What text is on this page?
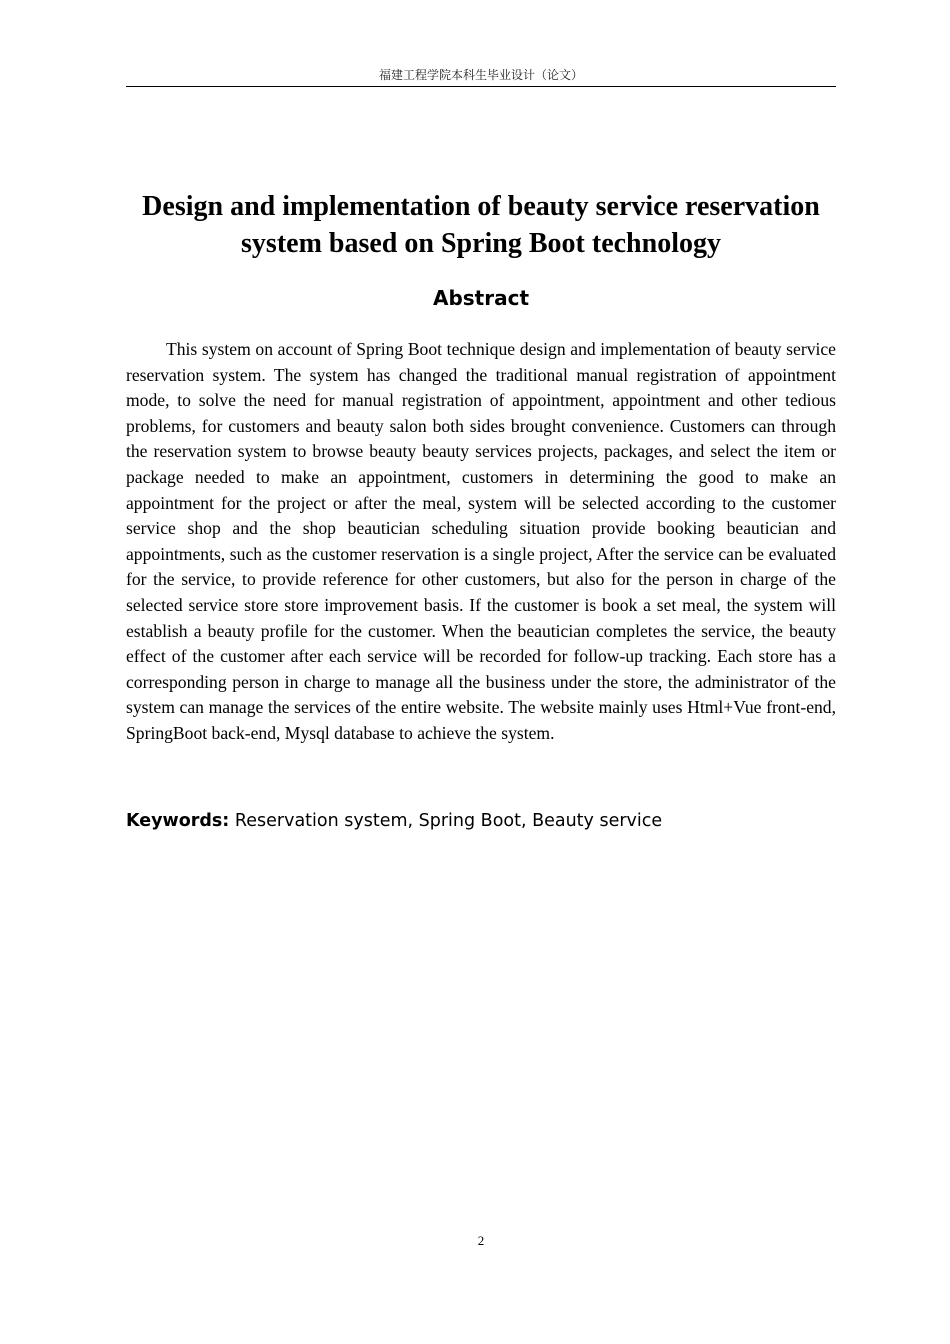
福建工程学院本科生毕业设计（论文）
Design and implementation of beauty service reservation system based on Spring Boot technology
Abstract

This system on account of Spring Boot technique design and implementation of beauty service reservation system. The system has changed the traditional manual registration of appointment mode, to solve the need for manual registration of appointment, appointment and other tedious problems, for customers and beauty salon both sides brought convenience. Customers can through the reservation system to browse beauty beauty services projects, packages, and select the item or package needed to make an appointment, customers in determining the good to make an appointment for the project or after the meal, system will be selected according to the customer service shop and the shop beautician scheduling situation provide booking beautician and appointments, such as the customer reservation is a single project, After the service can be evaluated for the service, to provide reference for other customers, but also for the person in charge of the selected service store store improvement basis. If the customer is book a set meal, the system will establish a beauty profile for the customer. When the beautician completes the service, the beauty effect of the customer after each service will be recorded for follow-up tracking. Each store has a corresponding person in charge to manage all the business under the store, the administrator of the system can manage the services of the entire website. The website mainly uses Html+Vue front-end, SpringBoot back-end, Mysql database to achieve the system.

Keywords: Reservation system, Spring Boot, Beauty service

2
